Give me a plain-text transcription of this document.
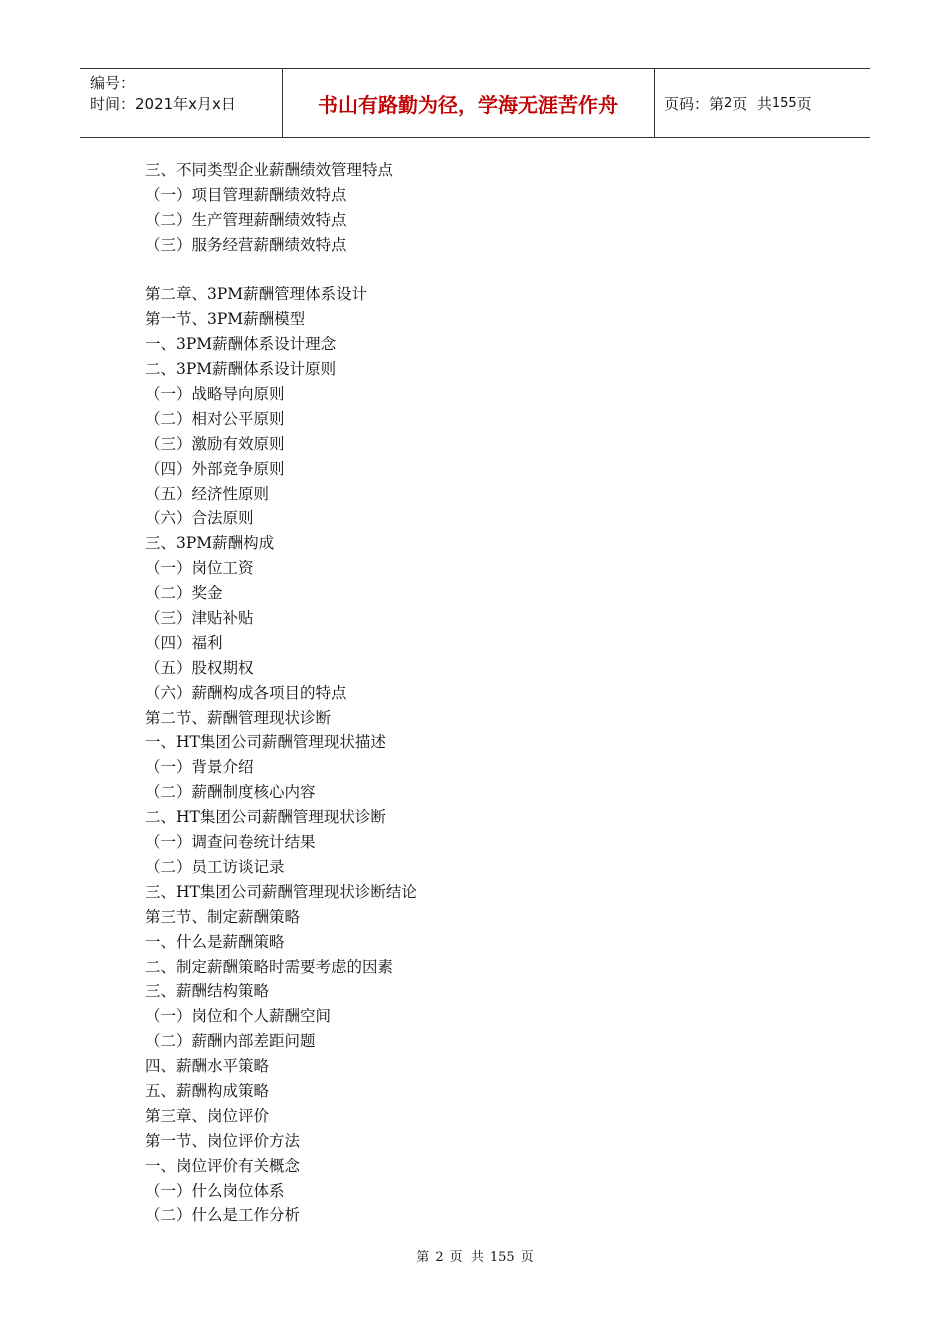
编号：
时间：2021年x月x日	书山有路勤为径，学海无涯苦作舟	页码：第 2 页  共 155 页
三、不同类型企业薪酬绩效管理特点
（一）项目管理薪酬绩效特点
（二）生产管理薪酬绩效特点
（三）服务经营薪酬绩效特点
第二章、3PM薪酬管理体系设计
第一节、3PM薪酬模型
一、3PM薪酬体系设计理念
二、3PM薪酬体系设计原则
（一）战略导向原则
（二）相对公平原则
（三）激励有效原则
（四）外部竞争原则
（五）经济性原则
（六）合法原则
三、3PM薪酬构成
（一）岗位工资
（二）奖金
（三）津贴补贴
（四）福利
（五）股权期权
（六）薪酬构成各项目的特点
第二节、薪酬管理现状诊断
一、HT集团公司薪酬管理现状描述
（一）背景介绍
（二）薪酬制度核心内容
二、HT集团公司薪酬管理现状诊断
（一）调查问卷统计结果
（二）员工访谈记录
三、HT集团公司薪酬管理现状诊断结论
第三节、制定薪酬策略
一、什么是薪酬策略
二、制定薪酬策略时需要考虑的因素
三、薪酬结构策略
（一）岗位和个人薪酬空间
（二）薪酬内部差距问题
四、薪酬水平策略
五、薪酬构成策略
第三章、岗位评价
第一节、岗位评价方法
一、岗位评价有关概念
（一）什么岗位体系
（二）什么是工作分析
第 2 页  共 155 页
